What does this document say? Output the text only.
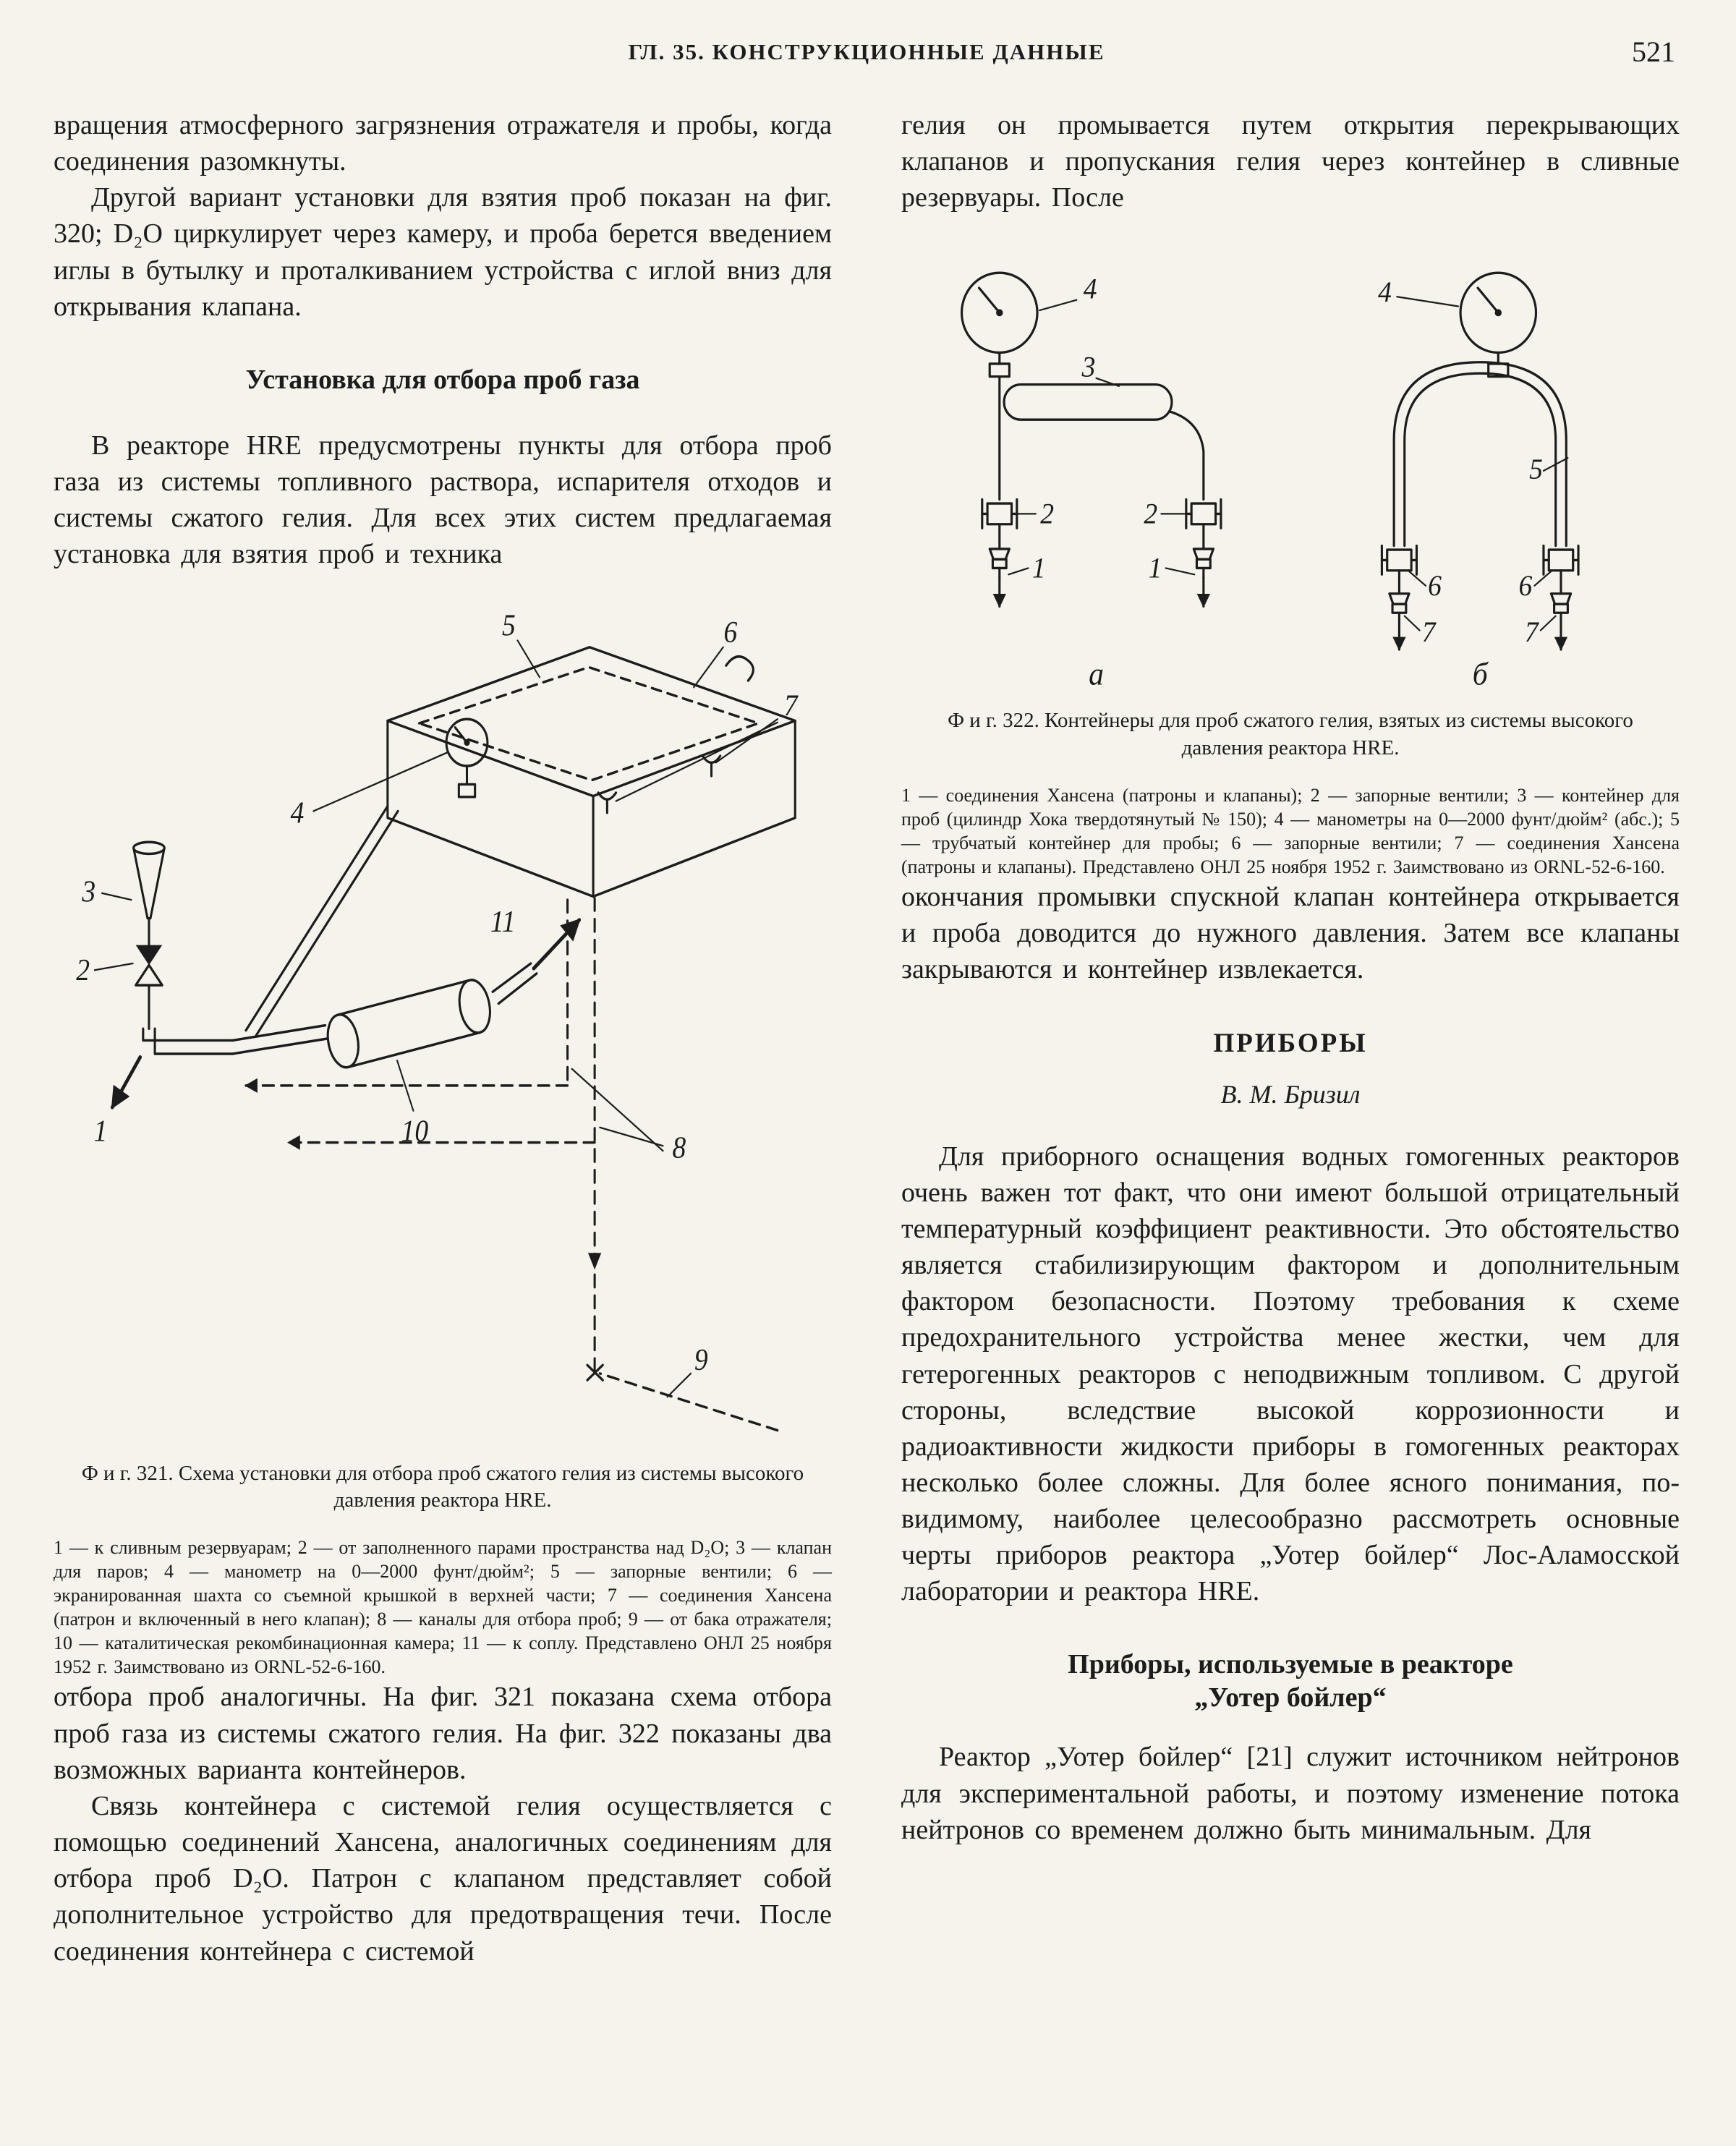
ГЛ. 35. КОНСТРУКЦИОННЫЕ ДАННЫЕ	521

вращения атмосферного загрязнения отражателя и пробы, когда соединения разомкнуты.

Другой вариант установки для взятия проб показан на фиг. 320; D₂O циркулирует через камеру, и проба берется введением иглы в бутылку и проталкиванием устройства с иглой вниз для открывания клапана.

Установка для отбора проб газа

В реакторе HRE предусмотрены пункты для отбора проб газа из системы топливного раствора, испарителя отходов и системы сжатого гелия. Для всех этих систем предлагаемая установка для взятия проб и техника

1
2
3
4
5	6
7
8
9
10
11
Ф и г. 321. Схема установки для отбора проб сжатого гелия из системы высокого давления реактора HRE.
1 — к сливным резервуарам; 2 — от заполненного парами пространства над D₂O; 3 — клапан для паров; 4 — манометр на 0—2000 фунт/дюйм²; 5 — запорные вентили; 6 — экранированная шахта со съемной крышкой в верхней части; 7 — соединения Хансена (патрон и включенный в него клапан); 8 — каналы для отбора проб; 9 — от бака отражателя; 10 — каталитическая рекомбинационная камера; 11 — к соплу. Представлено ОНЛ 25 ноября 1952 г. Заимствовано из ORNL-52-6-160.

отбора проб аналогичны. На фиг. 321 показана схема отбора проб газа из системы сжатого гелия. На фиг. 322 показаны два возможных варианта контейнеров.

Связь контейнера с системой гелия осуществляется с помощью соединений Хансена, аналогичных соединениям для отбора проб D₂O. Патрон с клапаном представляет собой дополнительное устройство для предотвращения течи. После соединения контейнера с системой

гелия он промывается путем открытия перекрывающих клапанов и пропускания гелия через контейнер в сливные резервуары. После

4
3
2	2
1	1
4
5
6	6
7	7
а	б
Ф и г. 322. Контейнеры для проб сжатого гелия, взятых из системы высокого давления реактора HRE.
1 — соединения Хансена (патроны и клапаны); 2 — запорные вентили; 3 — контейнер для проб (цилиндр Хока твердотянутый № 150); 4 — манометры на 0—2000 фунт/дюйм² (абс.); 5 — трубчатый контейнер для пробы; 6 — запорные вентили; 7 — соединения Хансена (патроны и клапаны). Представлено ОНЛ 25 ноября 1952 г. Заимствовано из ORNL-52-6-160.

окончания промывки спускной клапан контейнера открывается и проба доводится до нужного давления. Затем все клапаны закрываются и контейнер извлекается.

ПРИБОРЫ
В. М. Бризил

Для приборного оснащения водных гомогенных реакторов очень важен тот факт, что они имеют большой отрицательный температурный коэффициент реактивности. Это обстоятельство является стабилизирующим фактором и дополнительным фактором безопасности. Поэтому требования к схеме предохранительного устройства менее жестки, чем для гетерогенных реакторов с неподвижным топливом. С другой стороны, вследствие высокой коррозионности и радиоактивности жидкости приборы в гомогенных реакторах несколько более сложны. Для более ясного понимания, по-видимому, наиболее целесообразно рассмотреть основные черты приборов реактора „Уотер бойлер“ Лос-Аламосской лаборатории и реактора HRE.

Приборы, используемые в реакторе
„Уотер бойлер“

Реактор „Уотер бойлер“ [21] служит источником нейтронов для экспериментальной работы, и поэтому изменение потока нейтронов со временем должно быть минимальным. Для
